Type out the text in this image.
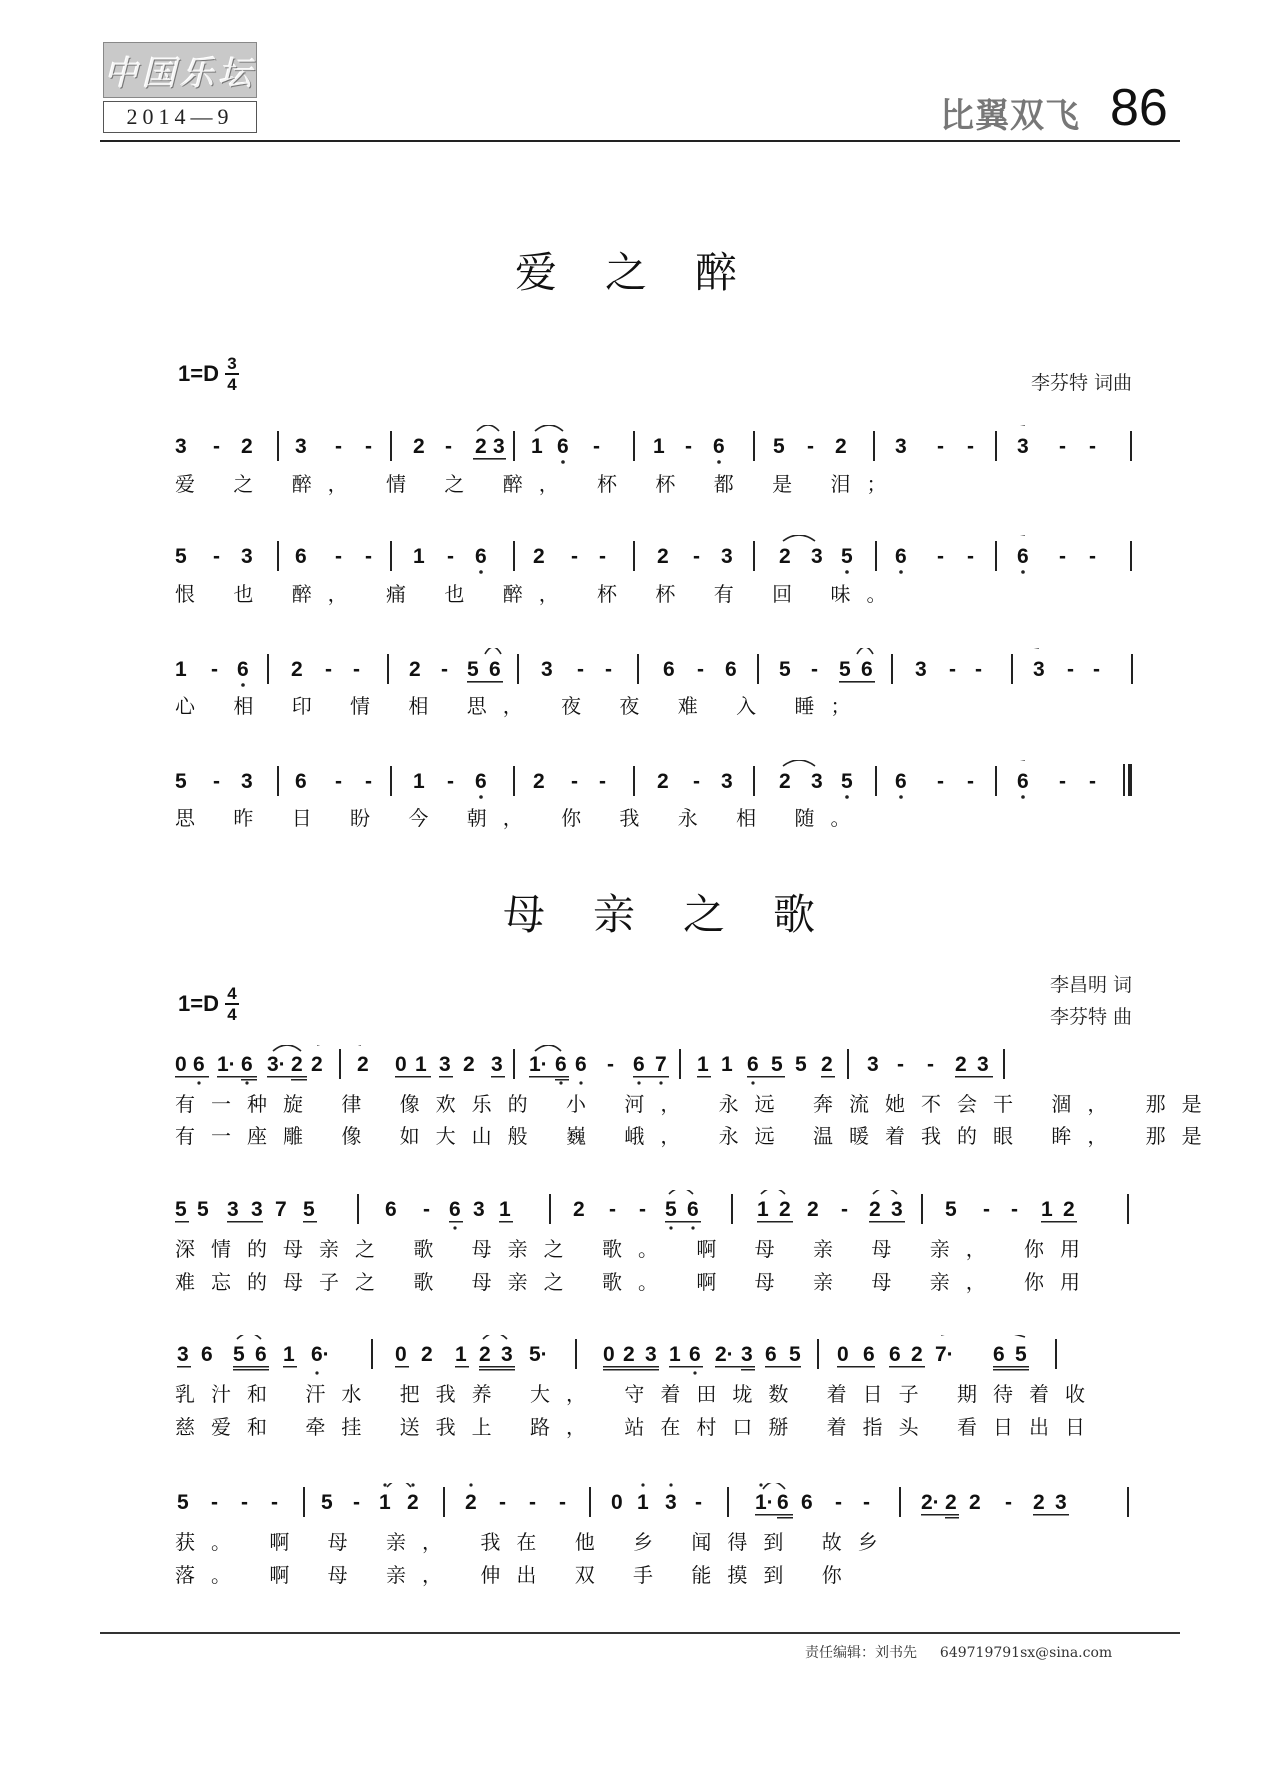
中国乐坛
2014—9	比翼双飞 86
爱之醉
$1=D \frac{3}{4}$	李芬特 词曲
3 - 2 3 - - 2 - 2 3 1 6 -	1 - 6 5 - 2 3 - - 3 - -
爱   之   醉 ，   情   之   醉 ，   杯   杯   都   是   泪 ；
5 - 3 6 - - 1 - 6 2 - - 2 - 3 2 3 5 6 - - 6 - -
恨   也   醉 ，   痛   也   醉 ，   杯   杯   有   回   味 。
1 - 6 2 - - 2 - 5 6 3 - - 6 - 6 5 - 5 6 3 - - 3 - -
心   相   印   情   相   思 ，   夜   夜   难   入   睡 ；
5 - 3 6 - - 1 - 6 2 - - 2 - 3 2 3 5 6 - - 6 - -
思   昨   日   盼   今   朝 ，   你   我   永   相   随 。
母亲之歌
$1=D \frac{4}{4}$	李昌明 词
李芬特 曲
0 6 1· 6 3· 2 2 2 0 1 3 2 3 1· 6 6 - 6 7 1 1 6 5 5 2 3 - - 2 3
有 一 种 旋   律   像 欢 乐 的   小   河 ，   永 远   奔 流 她 不 会 干   涸 ，   那 是
有 一 座 雕   像   如 大 山 般   巍   峨 ，   永 远   温 暖 着 我 的 眼   眸 ，   那 是
5 5 3 3 7 5	6 - 6 3 1	2 - - 5 6	1 2 2 - 2 3 5 - - 1 2
深 情 的 母 亲 之   歌   母 亲 之   歌 。   啊   母   亲   母   亲 ，   你 用
难 忘 的 母 子 之   歌   母 亲 之   歌 。   啊   母   亲   母   亲 ，   你 用
3 6 5 6 1 6·	0 2 1 2 3 5·	0 2 3 1 6 2· 3 6 5 0 6 6 2 7· 6 5
乳 汁 和   汗 水   把 我 养   大 ，   守 着 田 垅 数   着 日 子   期 待 着 收
慈 爱 和   牵 挂   送 我 上   路 ，   站 在 村 口 掰   着 指 头   看 日 出 日
5 - - - 5 - 1 2 2 - - - 0 1 3 -	1· 6 6 - - 2· 2 2 - 2 3
获 。   啊   母   亲 ，   我 在   他   乡   闻 得 到   故 乡
落 。   啊   母   亲 ，   伸 出   双   手   能 摸 到   你
责任编辑：刘书先 649719791sx@sina.com
